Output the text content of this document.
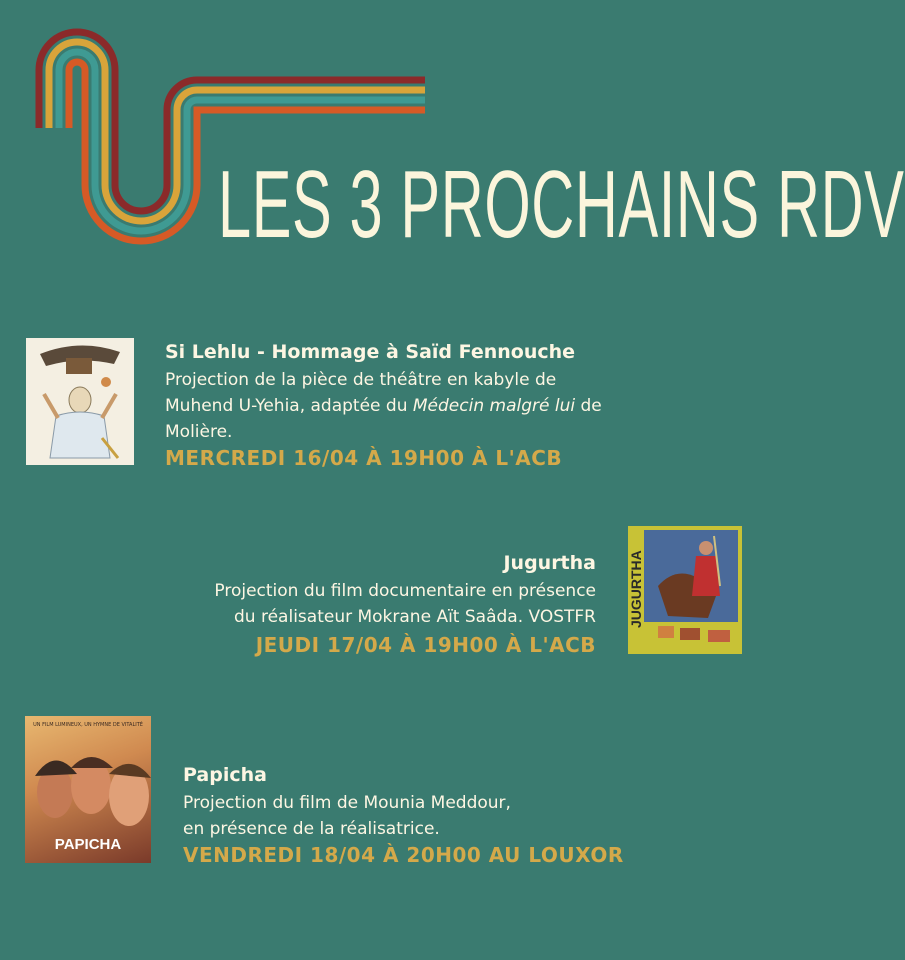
LES 3 PROCHAINS RDV
Si Lehlu - Hommage à Saïd Fennouche

Projection de la pièce de théâtre en kabyle de

Muhend U-Yehia, adaptée du Médecin malgré lui de

Molière.

MERCREDI 16/04 À 19H00 À L'ACB
Jugurtha

Projection du film documentaire en présence

du réalisateur Mokrane Aït Saâda. VOSTFR

JEUDI 17/04 À 19H00 À L'ACB
JUGURTHA
UN FILM LUMINEUX, UN HYMNE DE VITALITÉ
PAPICHA
Papicha

Projection du film de Mounia Meddour,

en présence de la réalisatrice.

VENDREDI 18/04 À 20H00 AU LOUXOR
